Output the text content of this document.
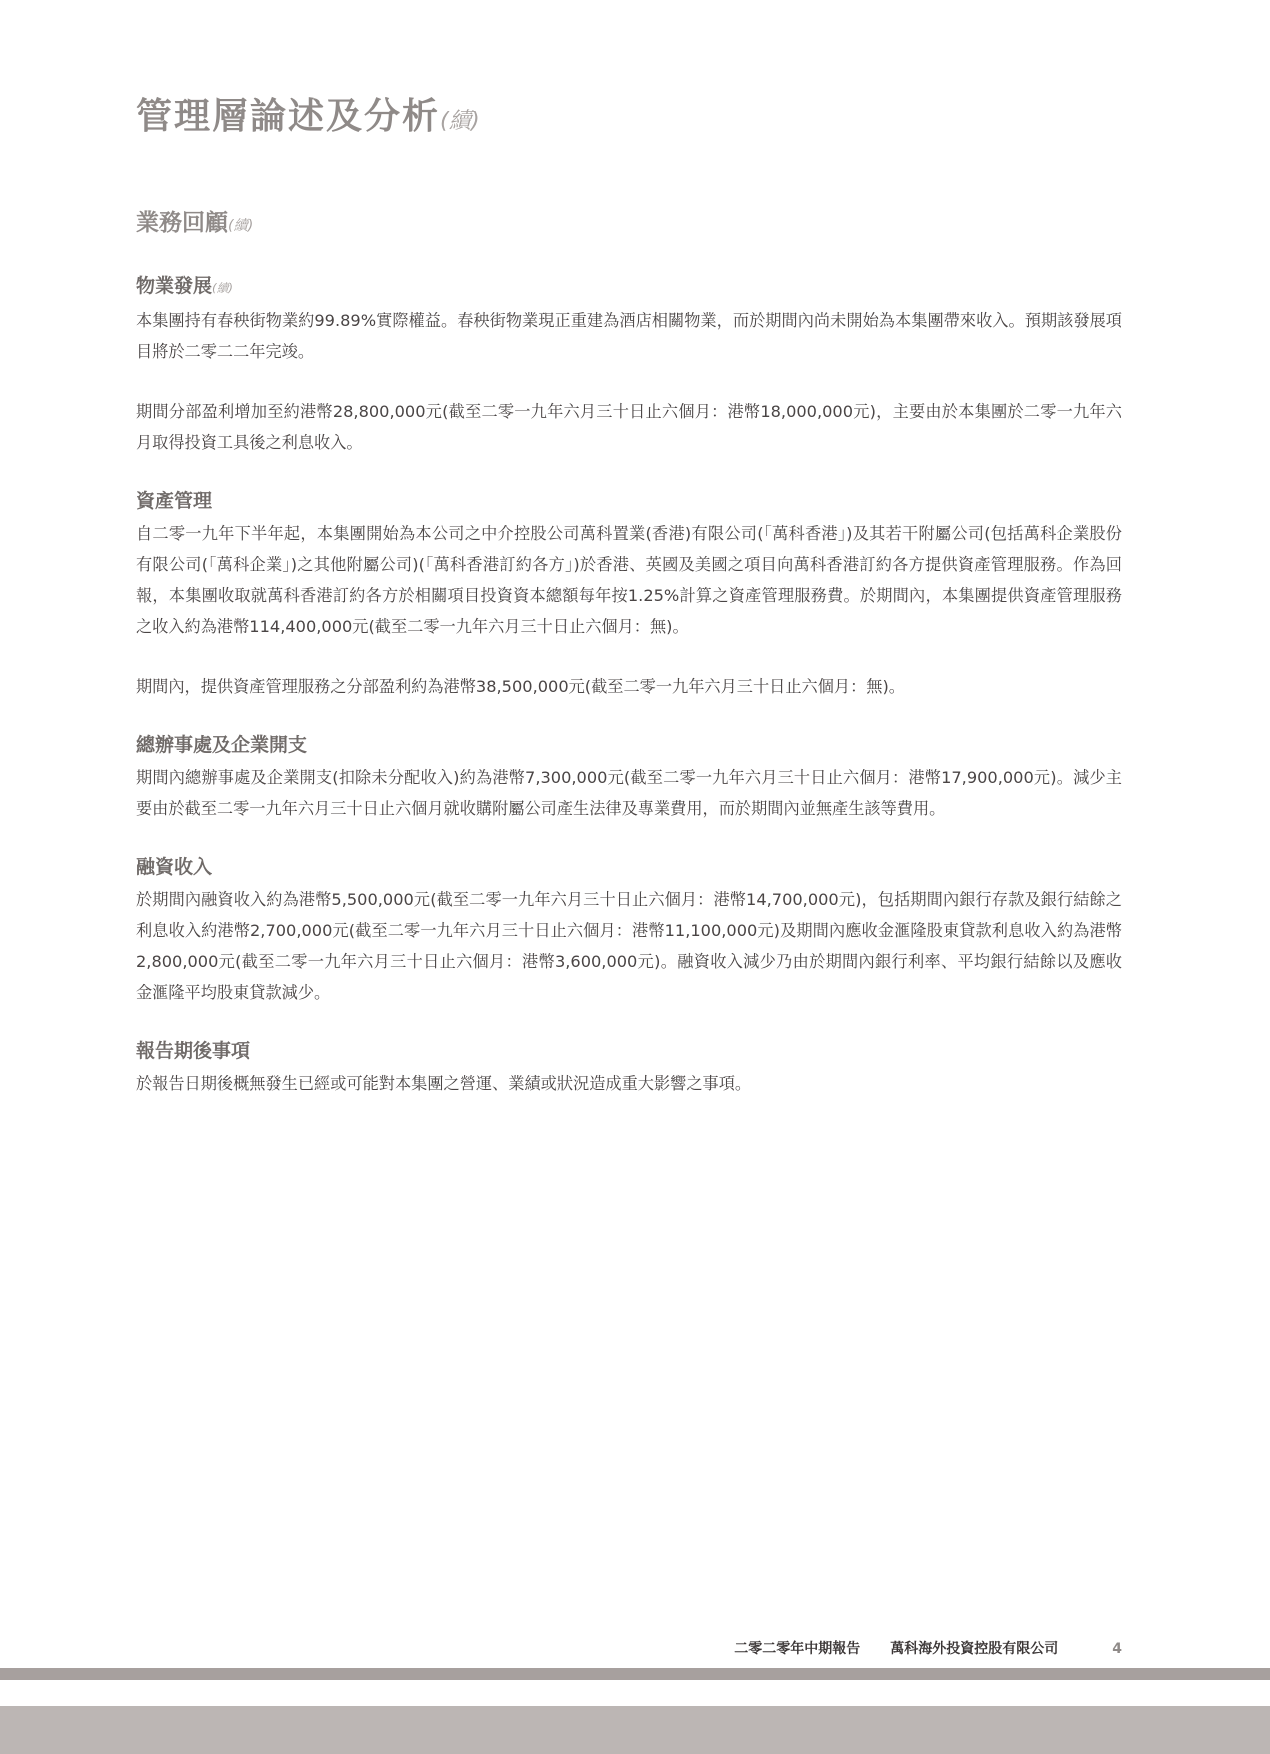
管理層論述及分析(續)
業務回顧(續)
物業發展(續)

本集團持有春秧街物業約99.89%實際權益。春秧街物業現正重建為酒店相關物業，而於期間內尚未開始為本集團帶來收入。預期該發展項目將於二零二二年完竣。

期間分部盈利增加至約港幣28,800,000元(截至二零一九年六月三十日止六個月：港幣18,000,000元)，主要由於本集團於二零一九年六月取得投資工具後之利息收入。

資產管理

自二零一九年下半年起，本集團開始為本公司之中介控股公司萬科置業(香港)有限公司(「萬科香港」)及其若干附屬公司(包括萬科企業股份有限公司(「萬科企業」)之其他附屬公司)(「萬科香港訂約各方」)於香港、英國及美國之項目向萬科香港訂約各方提供資產管理服務。作為回報，本集團收取就萬科香港訂約各方於相關項目投資資本總額每年按1.25%計算之資產管理服務費。於期間內，本集團提供資產管理服務之收入約為港幣114,400,000元(截至二零一九年六月三十日止六個月：無)。

期間內，提供資產管理服務之分部盈利約為港幣38,500,000元(截至二零一九年六月三十日止六個月：無)。

總辦事處及企業開支

期間內總辦事處及企業開支(扣除未分配收入)約為港幣7,300,000元(截至二零一九年六月三十日止六個月：港幣17,900,000元)。減少主要由於截至二零一九年六月三十日止六個月就收購附屬公司產生法律及專業費用，而於期間內並無產生該等費用。

融資收入

於期間內融資收入約為港幣5,500,000元(截至二零一九年六月三十日止六個月：港幣14,700,000元)，包括期間內銀行存款及銀行結餘之利息收入約港幣2,700,000元(截至二零一九年六月三十日止六個月：港幣11,100,000元)及期間內應收金滙隆股東貸款利息收入約為港幣2,800,000元(截至二零一九年六月三十日止六個月：港幣3,600,000元)。融資收入減少乃由於期間內銀行利率、平均銀行結餘以及應收金滙隆平均股東貸款減少。

報告期後事項

於報告日期後概無發生已經或可能對本集團之營運、業績或狀況造成重大影響之事項。

二零二零年中期報告 萬科海外投資控股有限公司	4
